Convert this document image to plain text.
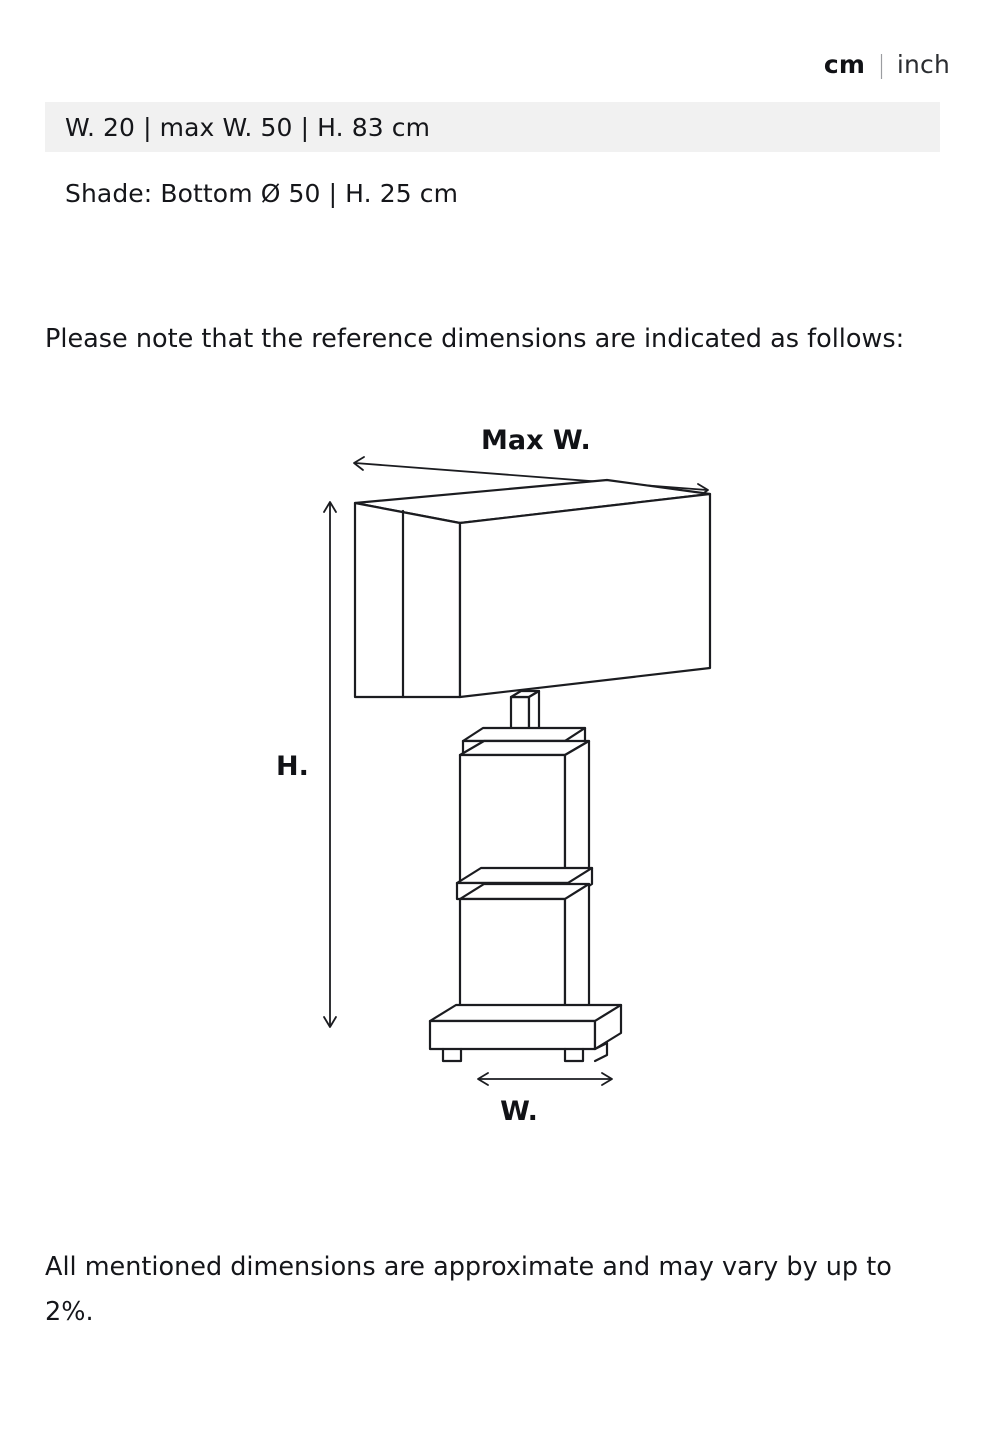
cm | inch
W. 20 | max W. 50 | H. 83 cm
Shade: Bottom Ø 50 | H. 25 cm

Please note that the reference dimensions are indicated as follows:

Max W.
H.
W.

All mentioned dimensions are approximate and may vary by up to 2%.
